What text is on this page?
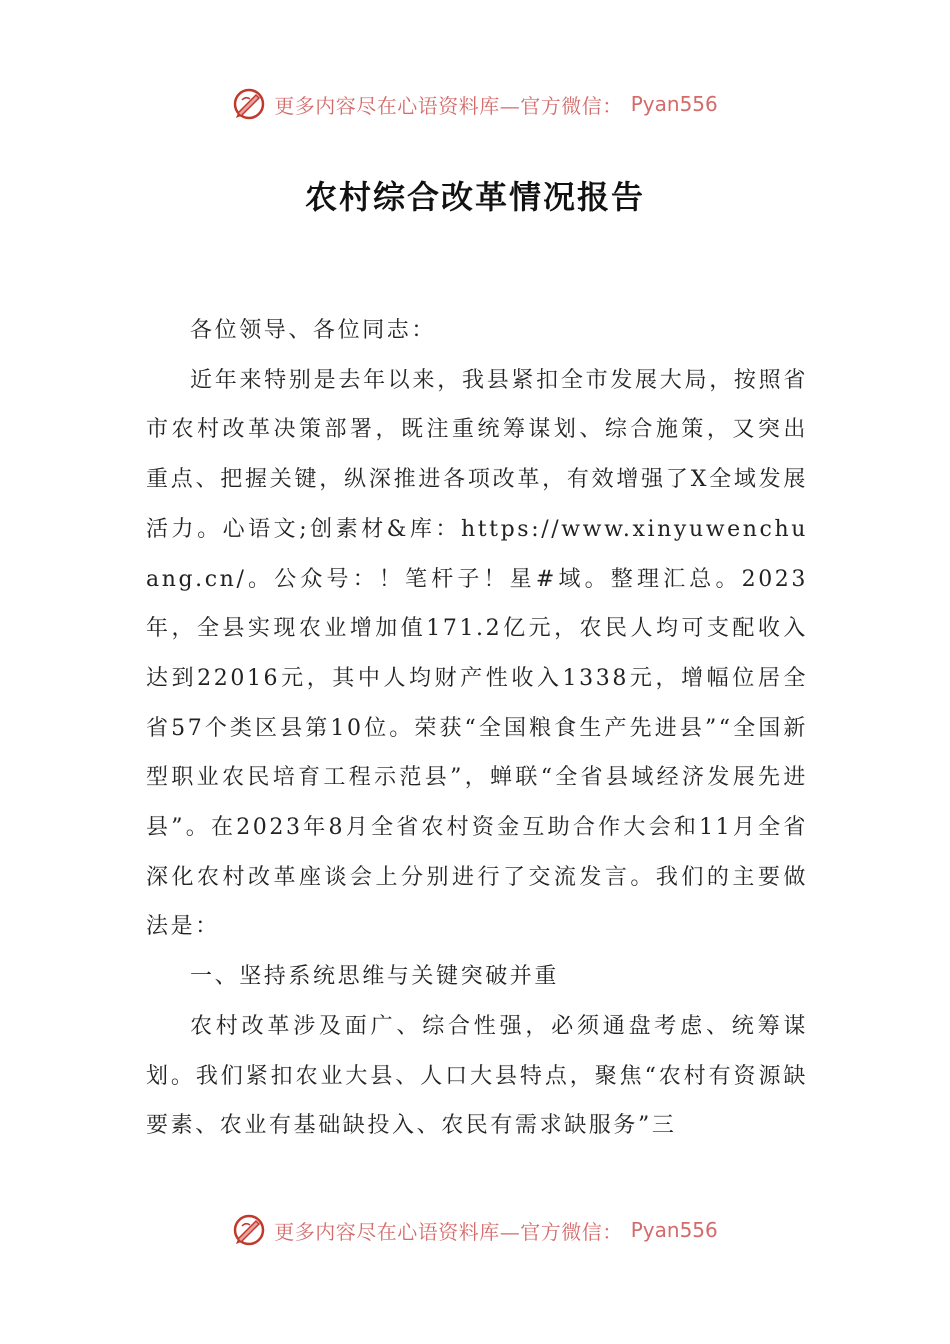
更多内容尽在心语资料库—官方微信： Pyan556
农村综合改革情况报告

各位领导、各位同志：

近年来特别是去年以来，我县紧扣全市发展大局，按照省市农村改革决策部署，既注重统筹谋划、综合施策，又突出重点、把握关键，纵深推进各项改革，有效增强了X全域发展活力。心语文;创素材&库：https://www.xinyuwenchuang.cn/。公众号：！笔杆子！星#域。整理汇总。2023年，全县实现农业增加值171.2亿元，农民人均可支配收入达到22016元，其中人均财产性收入1338元，增幅位居全省57个类区县第10位。荣获“全国粮食生产先进县”“全国新型职业农民培育工程示范县”，蝉联“全省县域经济发展先进县”。在2023年8月全省农村资金互助合作大会和11月全省深化农村改革座谈会上分别进行了交流发言。我们的主要做法是：

一、坚持系统思维与关键突破并重

农村改革涉及面广、综合性强，必须通盘考虑、统筹谋划。我们紧扣农业大县、人口大县特点，聚焦“农村有资源缺要素、农业有基础缺投入、农民有需求缺服务”三

更多内容尽在心语资料库—官方微信： Pyan556
